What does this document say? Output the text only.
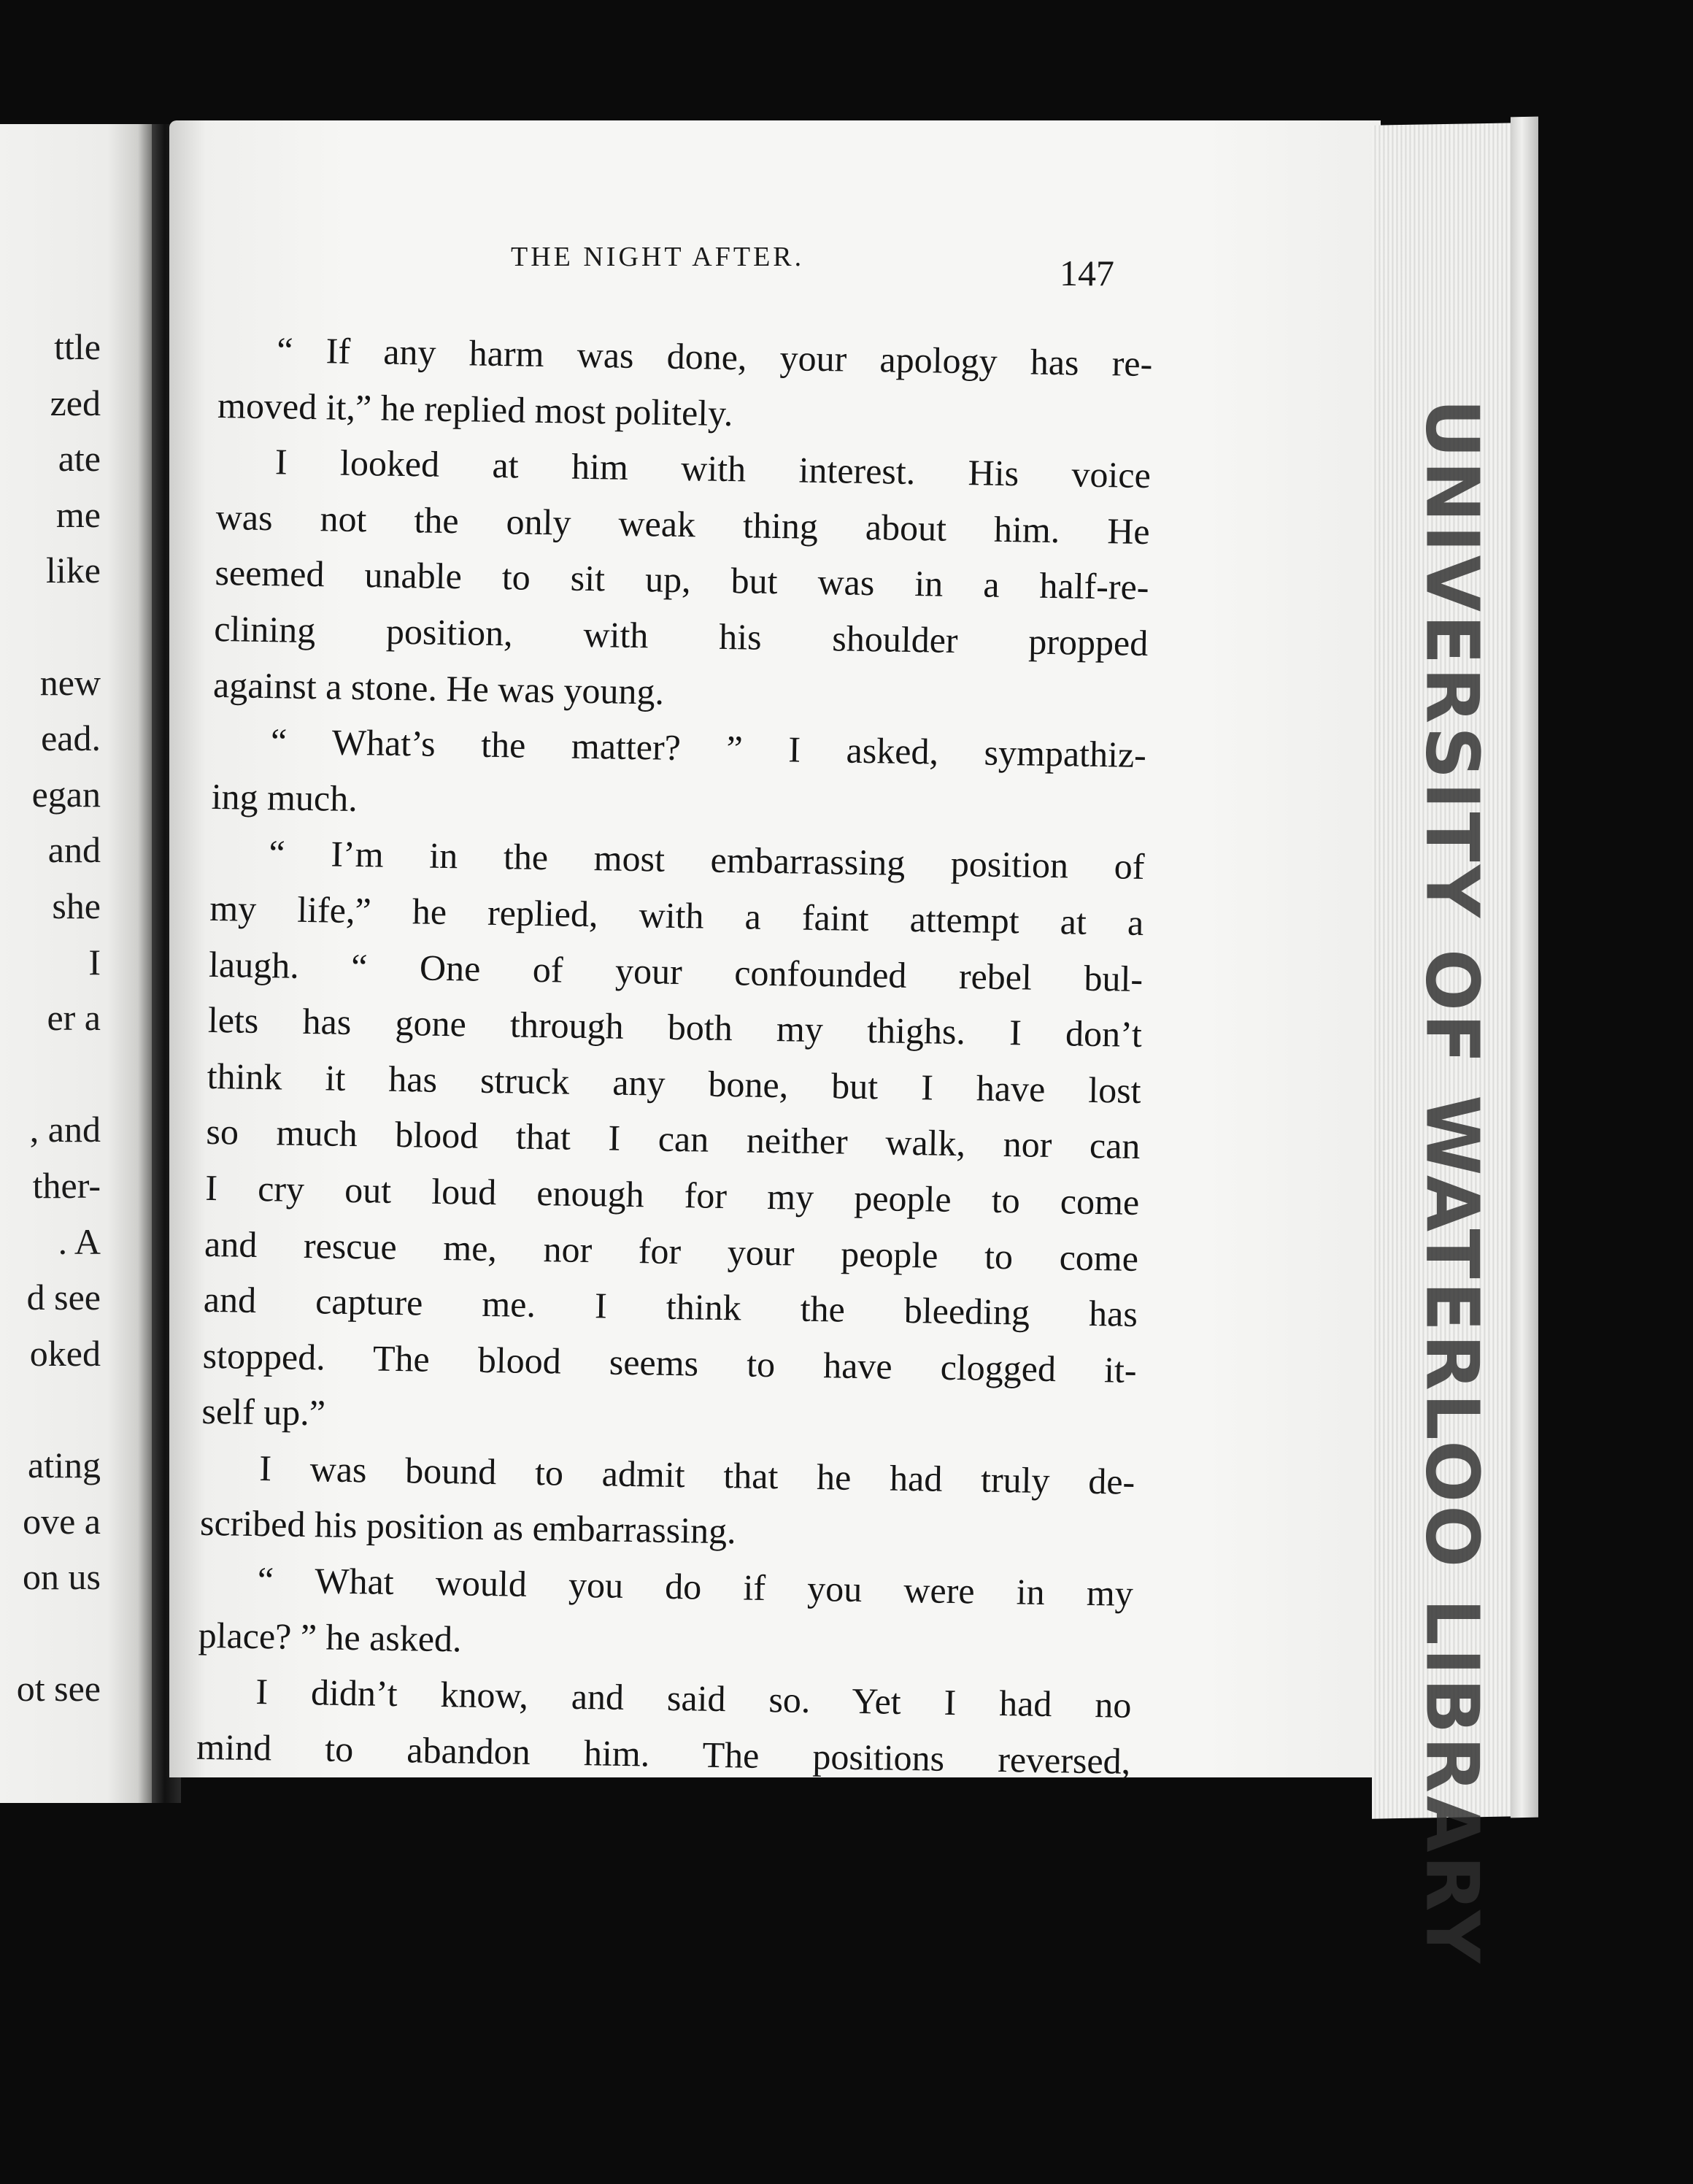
ttle
zed
ate
me
like
new
ead.
egan
and
she
I
er a
, and
ther-
. A
d see
oked
ating
ove a
on us
ot see	UNIVERSITY OF WATERLOO LIBRARY
THE NIGHT AFTER.	147
“ If any harm was done, your apology has re-
moved it,” he replied most politely.
I looked at him with interest. His voice
was not the only weak thing about him. He
seemed unable to sit up, but was in a half-re-
clining position, with his shoulder propped
against a stone. He was young.
“ What’s the matter? ” I asked, sympathiz-
ing much.
“ I’m in the most embarrassing position of
my life,” he replied, with a faint attempt at a
laugh. “ One of your confounded rebel bul-
lets has gone through both my thighs. I don’t
think it has struck any bone, but I have lost
so much blood that I can neither walk, nor can
I cry out loud enough for my people to come
and rescue me, nor for your people to come
and capture me. I think the bleeding has
stopped. The blood seems to have clogged it-
self up.”
I was bound to admit that he had truly de-
scribed his position as embarrassing.
“ What would you do if you were in my
place? ” he asked.
I didn’t know, and said so. Yet I had no
mind to abandon him. The positions reversed,
